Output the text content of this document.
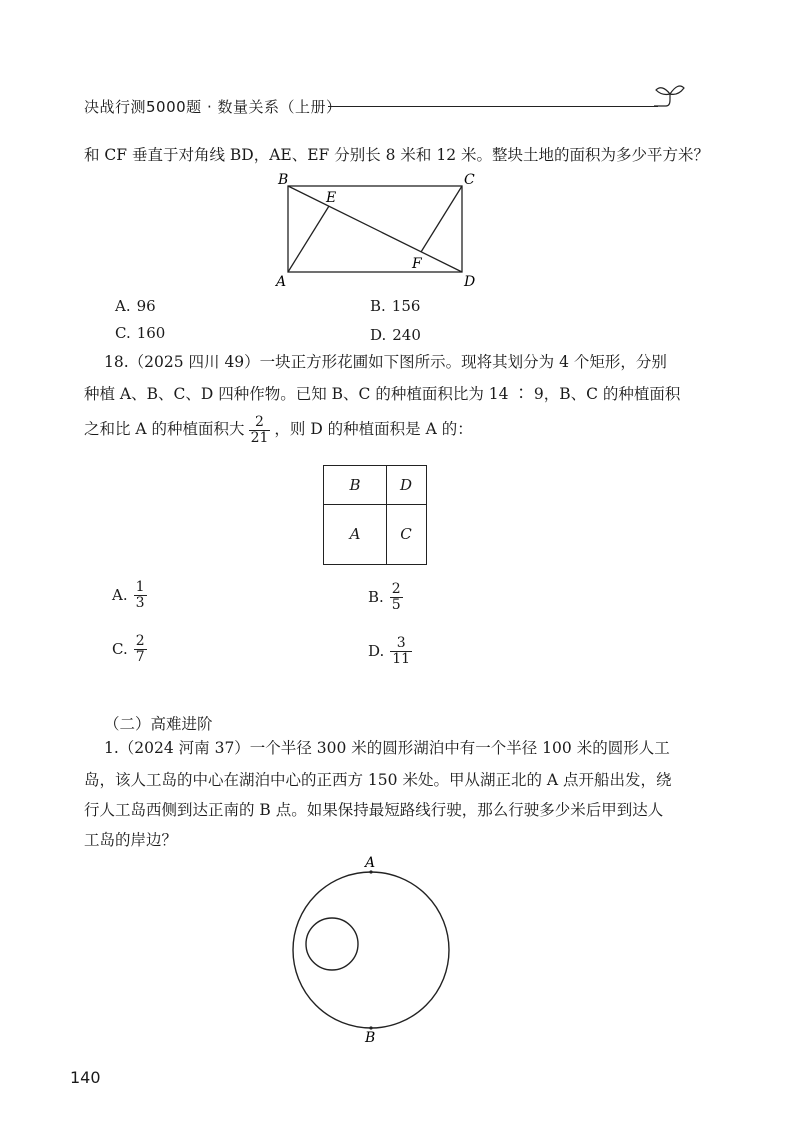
决战行测5000题 · 数量关系（上册）
和 CF 垂直于对角线 BD，AE、EF 分别长 8 米和 12 米。整块土地的面积为多少平方米？
B	C
E
F
A	D
A. 96	B. 156
C. 160	D. 240
18.（2025 四川 49）一块正方形花圃如下图所示。现将其划分为 4 个矩形，分别
种植 A、B、C、D 四种作物。已知 B、C 的种植面积比为 14 ∶ 9，B、C 的种植面积
之和比 A 的种植面积大 $\frac{2}{21}$ ，则 D 的种植面积是 A 的：
B	D
A	C
A. $\frac{1}{3}$	B. $\frac{2}{5}$
C. $\frac{2}{7}$	D. $\frac{3}{11}$
（二）高难进阶
1.（2024 河南 37）一个半径 300 米的圆形湖泊中有一个半径 100 米的圆形人工
岛，该人工岛的中心在湖泊中心的正西方 150 米处。甲从湖正北的 A 点开船出发，绕
行人工岛西侧到达正南的 B 点。如果保持最短路线行驶，那么行驶多少米后甲到达人
工岛的岸边？
A
B
140
